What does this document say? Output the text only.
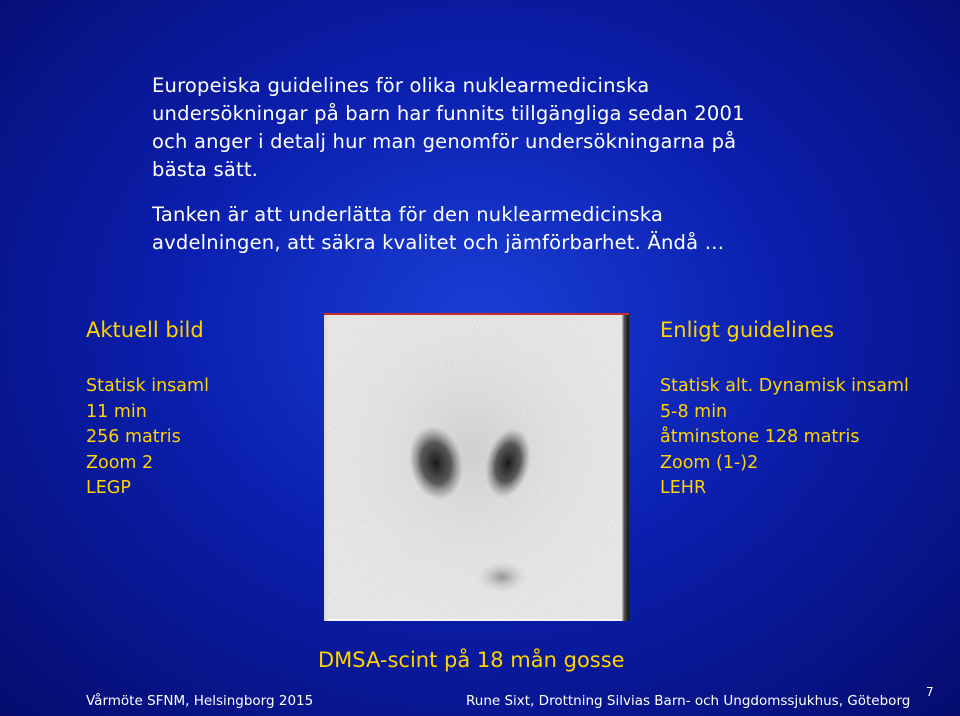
Europeiska guidelines för olika nuklearmedicinska
undersökningar på barn har funnits tillgängliga sedan 2001
och anger i detalj hur man genomför undersökningarna på
bästa sätt.
Tanken är att underlätta för den nuklearmedicinska
avdelningen, att säkra kvalitet och jämförbarhet. Ändå …
Aktuell bild
Statisk insaml
11 min
256 matris
Zoom 2
LEGP
Enligt guidelines
Statisk alt. Dynamisk insaml
5-8 min
åtminstone 128 matris
Zoom (1-)2
LEHR
DMSA-scint på 18 mån gosse
Vårmöte SFNM, Helsingborg 2015	Rune Sixt, Drottning Silvias Barn- och Ungdomssjukhus, Göteborg
7
